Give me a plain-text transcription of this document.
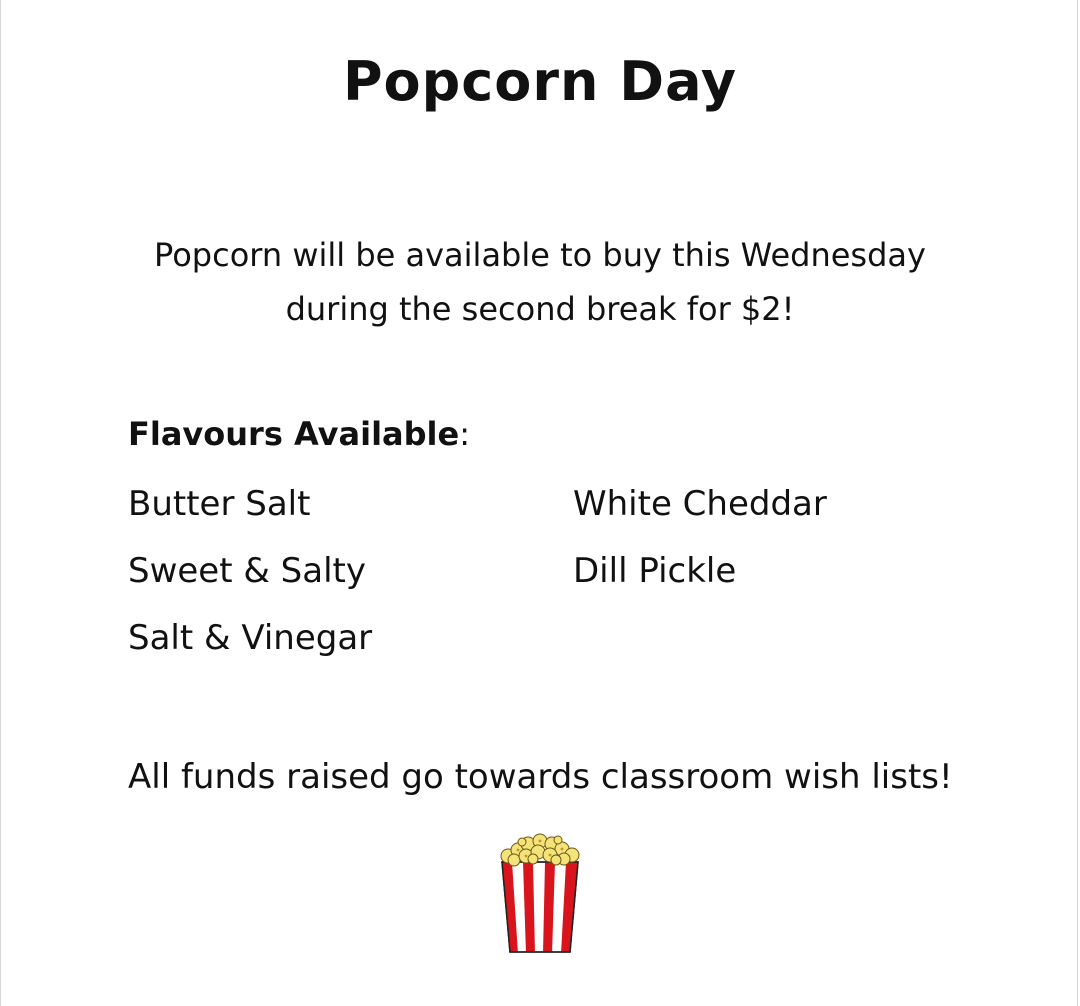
Popcorn Day
Popcorn will be available to buy this Wednesday
during the second break for $2!
Flavours Available:
Butter Salt
Sweet & Salty
Salt & Vinegar
White Cheddar
Dill Pickle
All funds raised go towards classroom wish lists!
